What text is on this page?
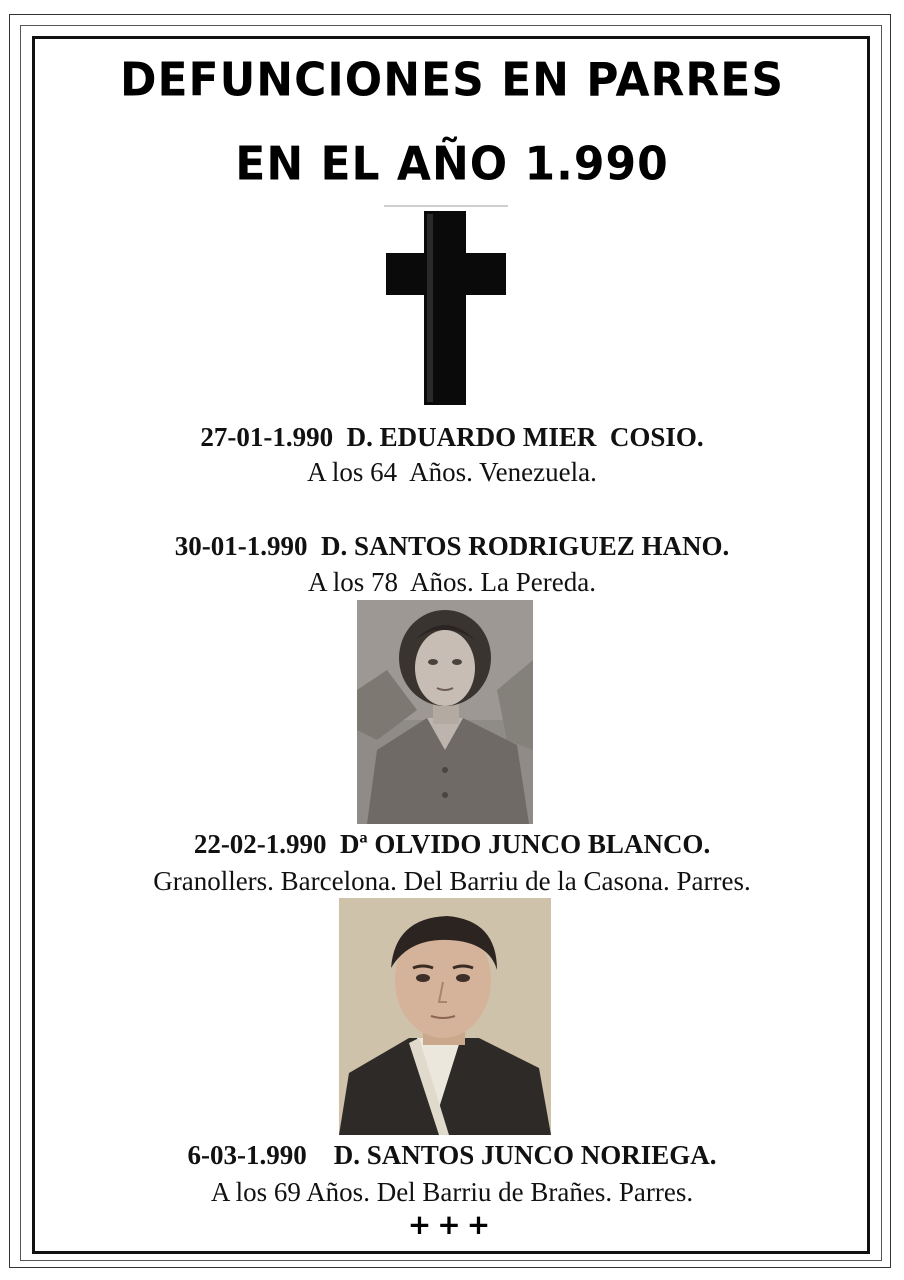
DEFUNCIONES EN PARRES
EN EL AÑO 1.990
27-01-1.990  D. EDUARDO MIER  COSIO.
A los 64  Años. Venezuela.
30-01-1.990  D. SANTOS RODRIGUEZ HANO.
A los 78  Años. La Pereda.
22-02-1.990  Dª OLVIDO JUNCO BLANCO.
Granollers. Barcelona. Del Barriu de la Casona. Parres.
6-03-1.990    D. SANTOS JUNCO NORIEGA.
A los 69 Años. Del Barriu de Brañes. Parres.
+++
